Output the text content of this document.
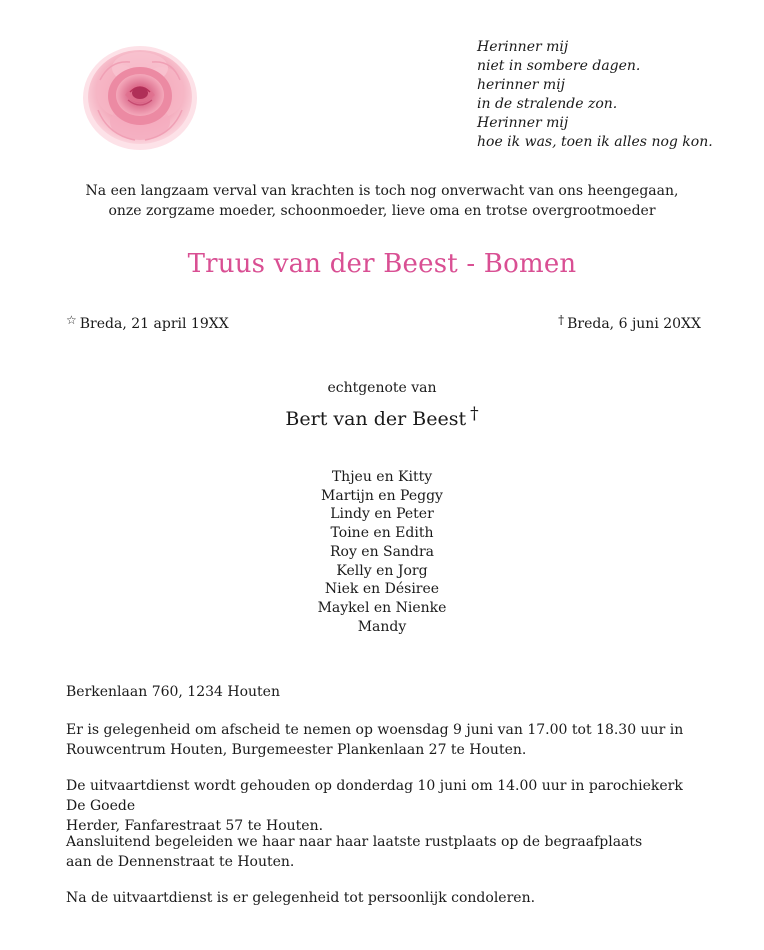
Herinner mij
niet in sombere dagen.
herinner mij
in de stralende zon.
Herinner mij
hoe ik was, toen ik alles nog kon.
Na een langzaam verval van krachten is toch nog onverwacht van ons heengegaan,
onze zorgzame moeder, schoonmoeder, lieve oma en trotse overgrootmoeder
Truus van der Beest - Bomen
☆ Breda, 21 april 19XX	† Breda, 6 juni 20XX
echtgenote van
Bert van der Beest †
Thjeu en Kitty
Martijn en Peggy
Lindy en Peter
Toine en Edith
Roy en Sandra
Kelly en Jorg
Niek en Désiree
Maykel en Nienke
Mandy
Berkenlaan 760, 1234 Houten
Er is gelegenheid om afscheid te nemen op woensdag 9 juni van 17.00 tot 18.30 uur in
Rouwcentrum Houten, Burgemeester Plankenlaan 27 te Houten.
De uitvaartdienst wordt gehouden op donderdag 10 juni om 14.00 uur in parochiekerk De Goede
Herder, Fanfarestraat 57 te Houten.
Aansluitend begeleiden we haar naar haar laatste rustplaats op de begraafplaats
aan de Dennenstraat te Houten.
Na de uitvaartdienst is er gelegenheid tot persoonlijk condoleren.
